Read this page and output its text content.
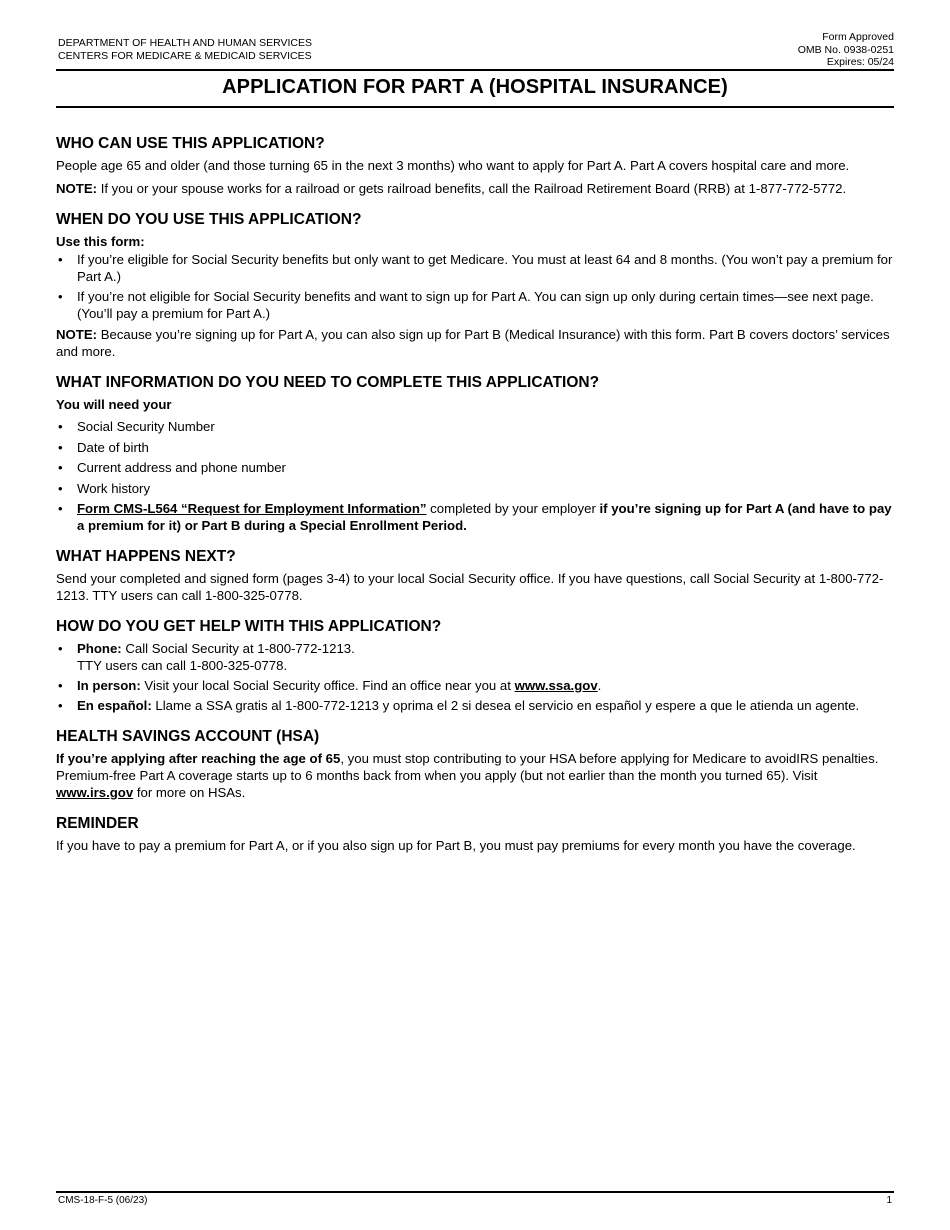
DEPARTMENT OF HEALTH AND HUMAN SERVICES
CENTERS FOR MEDICARE & MEDICAID SERVICES
Form Approved
OMB No. 0938-0251
Expires: 05/24
APPLICATION FOR PART A (HOSPITAL INSURANCE)
WHO CAN USE THIS APPLICATION?

People age 65 and older (and those turning 65 in the next 3 months) who want to apply for Part A. Part A covers hospital care and more.

NOTE: If you or your spouse works for a railroad or gets railroad benefits, call the Railroad Retirement Board (RRB) at 1-877-772-5772.

WHEN DO YOU USE THIS APPLICATION?
Use this form:
• If you’re eligible for Social Security benefits but only want to get Medicare. You must at least 64 and 8 months. (You won’t pay a premium for Part A.)
• If you’re not eligible for Social Security benefits and want to sign up for Part A. You can sign up only during certain times—see next page.
(You’ll pay a premium for Part A.)

NOTE: Because you’re signing up for Part A, you can also sign up for Part B (Medical Insurance) with this form. Part B covers doctors’ services and more.

WHAT INFORMATION DO YOU NEED TO COMPLETE THIS APPLICATION?
You will need your
• Social Security Number
• Date of birth
• Current address and phone number
• Work history
• Form CMS-L564 “Request for Employment Information” completed by your employer if you’re signing up for Part A (and have to pay a premium for it) or Part B during a Special Enrollment Period.
WHAT HAPPENS NEXT?

Send your completed and signed form (pages 3-4) to your local Social Security office. If you have questions, call Social Security at 1-800-772-1213. TTY users can call 1-800-325-0778.

HOW DO YOU GET HELP WITH THIS APPLICATION?
• Phone: Call Social Security at 1-800-772-1213.
TTY users can call 1-800-325-0778.
• In person: Visit your local Social Security office. Find an office near you at www.ssa.gov.
• En español: Llame a SSA gratis al 1-800-772-1213 y oprima el 2 si desea el servicio en español y espere a que le atienda un agente.
HEALTH SAVINGS ACCOUNT (HSA)

If you’re applying after reaching the age of 65, you must stop contributing to your HSA before applying for Medicare to avoidIRS penalties. Premium-free Part A coverage starts up to 6 months back from when you apply (but not earlier than the month you turned 65). Visit www.irs.gov for more on HSAs.

REMINDER

If you have to pay a premium for Part A, or if you also sign up for Part B, you must pay premiums for every month you have the coverage.

CMS-18-F-5 (06/23)	1
